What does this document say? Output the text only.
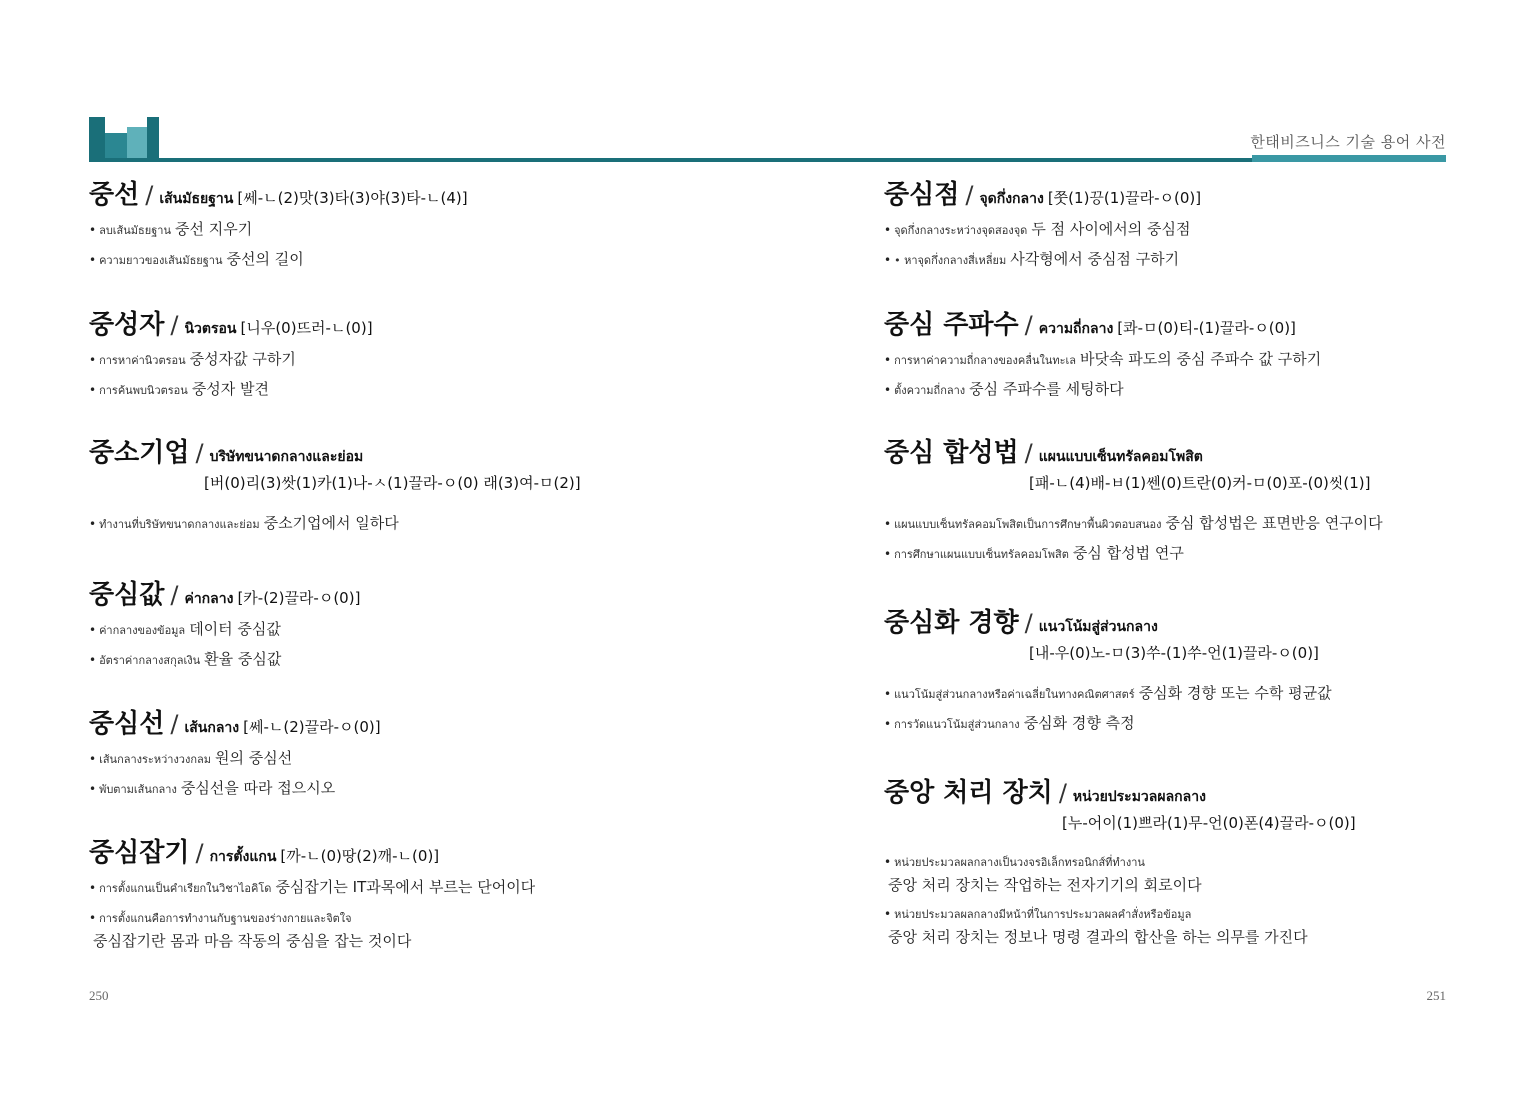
한태비즈니스 기술 용어 사전
중선 / เส้นมัธยฐาน [쎄-ㄴ(2)맛(3)타(3)야(3)타-ㄴ(4)]
• ลบเส้นมัธยฐาน 중선 지우기
• ความยาวของเส้นมัธยฐาน 중선의 길이
중성자 / นิวตรอน [니우(0)뜨러-ㄴ(0)]
• การหาค่านิวตรอน 중성자값 구하기
• การค้นพบนิวตรอน 중성자 발견
중소기업 / บริษัทขนาดกลางและย่อม
[버(0)리(3)쌋(1)카(1)나-ㅅ(1)끌라-ㅇ(0) 래(3)여-ㅁ(2)]
• ทำงานที่บริษัทขนาดกลางและย่อม 중소기업에서 일하다
중심값 / ค่ากลาง [카-(2)끌라-ㅇ(0)]
• ค่ากลางของข้อมูล 데이터 중심값
• อัตราค่ากลางสกุลเงิน 환율 중심값
중심선 / เส้นกลาง [쎄-ㄴ(2)끌라-ㅇ(0)]
• เส้นกลางระหว่างวงกลม 원의 중심선
• พับตามเส้นกลาง 중심선을 따라 접으시오
중심잡기 / การตั้งแกน [까-ㄴ(0)땅(2)깨-ㄴ(0)]
• การตั้งแกนเป็นคำเรียกในวิชาไอคิโด 중심잡기는 IT과목에서 부르는 단어이다
• การตั้งแกนคือการทำงานกับฐานของร่างกายและจิตใจ
중심잡기란 몸과 마음 작동의 중심을 잡는 것이다
중심점 / จุดกึ่งกลาง [쭛(1)끙(1)끌라-ㅇ(0)]
• จุดกึ่งกลางระหว่างจุดสองจุด 두 점 사이에서의 중심점
• • หาจุดกึ่งกลางสี่เหลี่ยม 사각형에서 중심점 구하기
중심 주파수 / ความถี่กลาง [콰-ㅁ(0)티-(1)끌라-ㅇ(0)]
• การหาค่าความถี่กลางของคลื่นในทะเล 바닷속 파도의 중심 주파수 값 구하기
• ตั้งความถี่กลาง 중심 주파수를 세팅하다
중심 합성법 / แผนแบบเซ็นทรัลคอมโพสิต
[패-ㄴ(4)배-ㅂ(1)쎈(0)트란(0)커-ㅁ(0)포-(0)씻(1)]
• แผนแบบเซ็นทรัลคอมโพสิตเป็นการศึกษาพื้นผิวตอบสนอง 중심 합성법은 표면반응 연구이다
• การศึกษาแผนแบบเซ็นทรัลคอมโพสิต 중심 합성법 연구
중심화 경향 / แนวโน้มสู่ส่วนกลาง
[내-우(0)노-ㅁ(3)쑤-(1)쑤-언(1)끌라-ㅇ(0)]
• แนวโน้มสู่ส่วนกลางหรือค่าเฉลี่ยในทางคณิตศาสตร์ 중심화 경향 또는 수학 평균값
• การวัดแนวโน้มสู่ส่วนกลาง 중심화 경향 측정
중앙 처리 장치 / หน่วยประมวลผลกลาง
[누-어이(1)쁘라(1)무-언(0)폰(4)끌라-ㅇ(0)]
• หน่วยประมวลผลกลางเป็นวงจรอิเล็กทรอนิกส์ที่ทำงาน
중앙 처리 장치는 작업하는 전자기기의 회로이다
• หน่วยประมวลผลกลางมีหน้าที่ในการประมวลผลคำสั่งหรือข้อมูล
중앙 처리 장치는 정보나 명령 결과의 합산을 하는 의무를 가진다
250	251
